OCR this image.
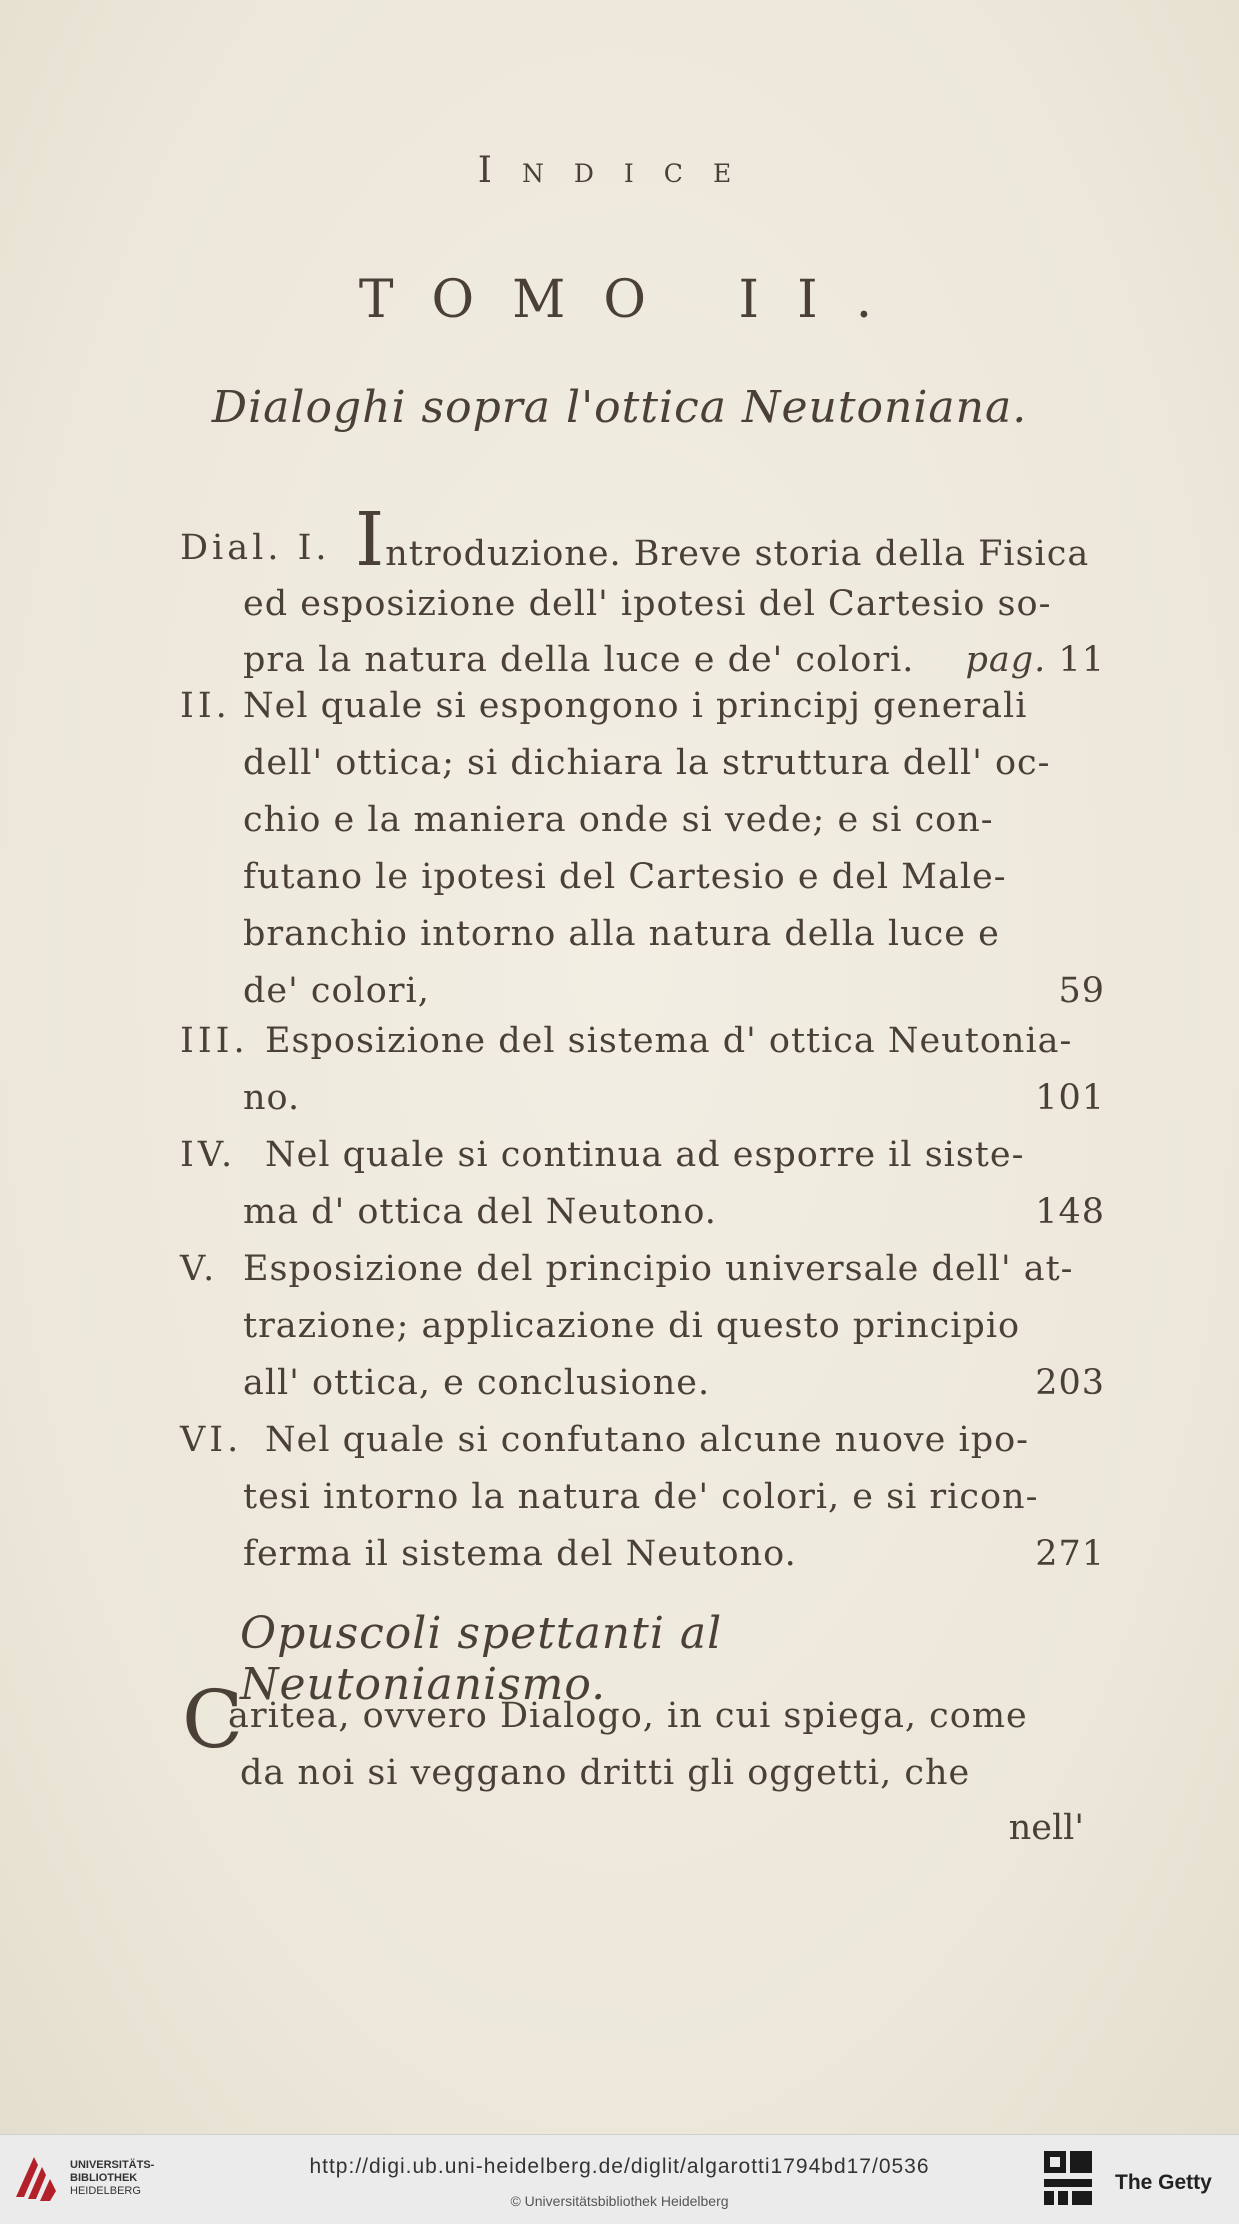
Indice
TOMO II.
Dialoghi sopra l'ottica Neutoniana.
Dial. I. Introduzione. Breve storia della Fisica
ed esposizione dell' ipotesi del Cartesio so-
pra la natura della luce e de' colori. pag. 11
II. Nel quale si espongono i principj generali
dell' ottica; si dichiara la struttura dell' oc-
chio e la maniera onde si vede; e si con-
futano le ipotesi del Cartesio e del Male-
branchio intorno alla natura della luce e
de' colori,	59
III. Esposizione del sistema d' ottica Neutonia-
no.	101
IV. Nel quale si continua ad esporre il siste-
ma d' ottica del Neutono.	148
V. Esposizione del principio universale dell' at-
trazione; applicazione di questo principio
all' ottica, e conclusione.	203
VI. Nel quale si confutano alcune nuove ipo-
tesi intorno la natura de' colori, e si ricon-
ferma il sistema del Neutono.	271
Opuscoli spettanti al Neutonianismo.
C
aritea, ovvero Dialogo, in cui spiega, come
da noi si veggano dritti gli oggetti, che
nell'
UNIVERSITÄTS-
BIBLIOTHEK
HEIDELBERG
http://digi.ub.uni-heidelberg.de/diglit/algarotti1794bd17/0536
© Universitätsbibliothek Heidelberg
The Getty
